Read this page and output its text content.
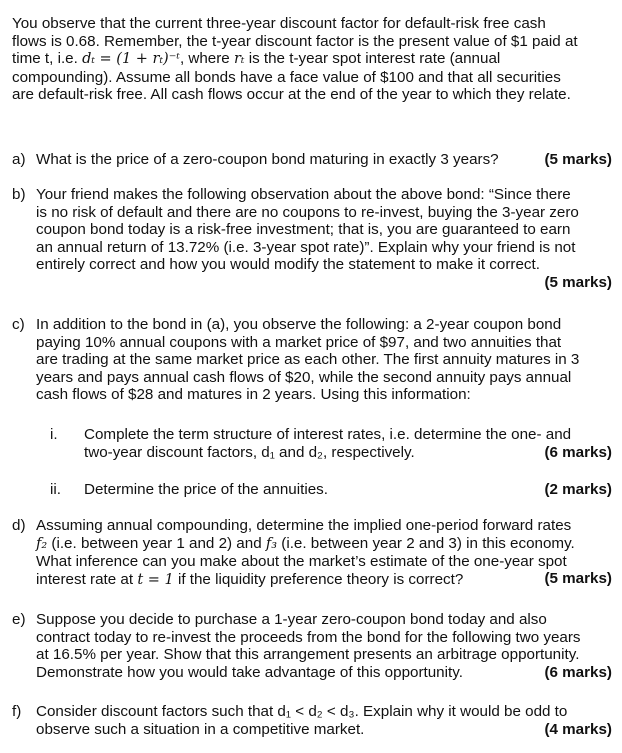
You observe that the current three-year discount factor for default-risk free cash
flows is 0.68. Remember, the t-year discount factor is the present value of $1 paid at
time t, i.e. dₜ = (1 + rₜ)⁻ᵗ, where rₜ is the t-year spot interest rate (annual
compounding). Assume all bonds have a face value of $100 and that all securities
are default-risk free. All cash flows occur at the end of the year to which they relate.
a) What is the price of a zero-coupon bond maturing in exactly 3 years?	(5 marks)
b) Your friend makes the following observation about the above bond: “Since there
is no risk of default and there are no coupons to re-invest, buying the 3-year zero
coupon bond today is a risk-free investment; that is, you are guaranteed to earn
an annual return of 13.72% (i.e. 3-year spot rate)”. Explain why your friend is not
entirely correct and how you would modify the statement to make it correct.
(5 marks)
c) In addition to the bond in (a), you observe the following: a 2-year coupon bond
paying 10% annual coupons with a market price of $97, and two annuities that
are trading at the same market price as each other. The first annuity matures in 3
years and pays annual cash flows of $20, while the second annuity pays annual
cash flows of $28 and matures in 2 years. Using this information:
i. Complete the term structure of interest rates, i.e. determine the one- and
two-year discount factors, d₁ and d₂, respectively.	(6 marks)
ii. Determine the price of the annuities.	(2 marks)
d) Assuming annual compounding, determine the implied one-period forward rates
f₂ (i.e. between year 1 and 2) and f₃ (i.e. between year 2 and 3) in this economy.
What inference can you make about the market’s estimate of the one-year spot
interest rate at t = 1 if the liquidity preference theory is correct?	(5 marks)
e) Suppose you decide to purchase a 1-year zero-coupon bond today and also
contract today to re-invest the proceeds from the bond for the following two years
at 16.5% per year. Show that this arrangement presents an arbitrage opportunity.
Demonstrate how you would take advantage of this opportunity.	(6 marks)
f) Consider discount factors such that d₁ < d₂ < d₃. Explain why it would be odd to
observe such a situation in a competitive market.	(4 marks)
